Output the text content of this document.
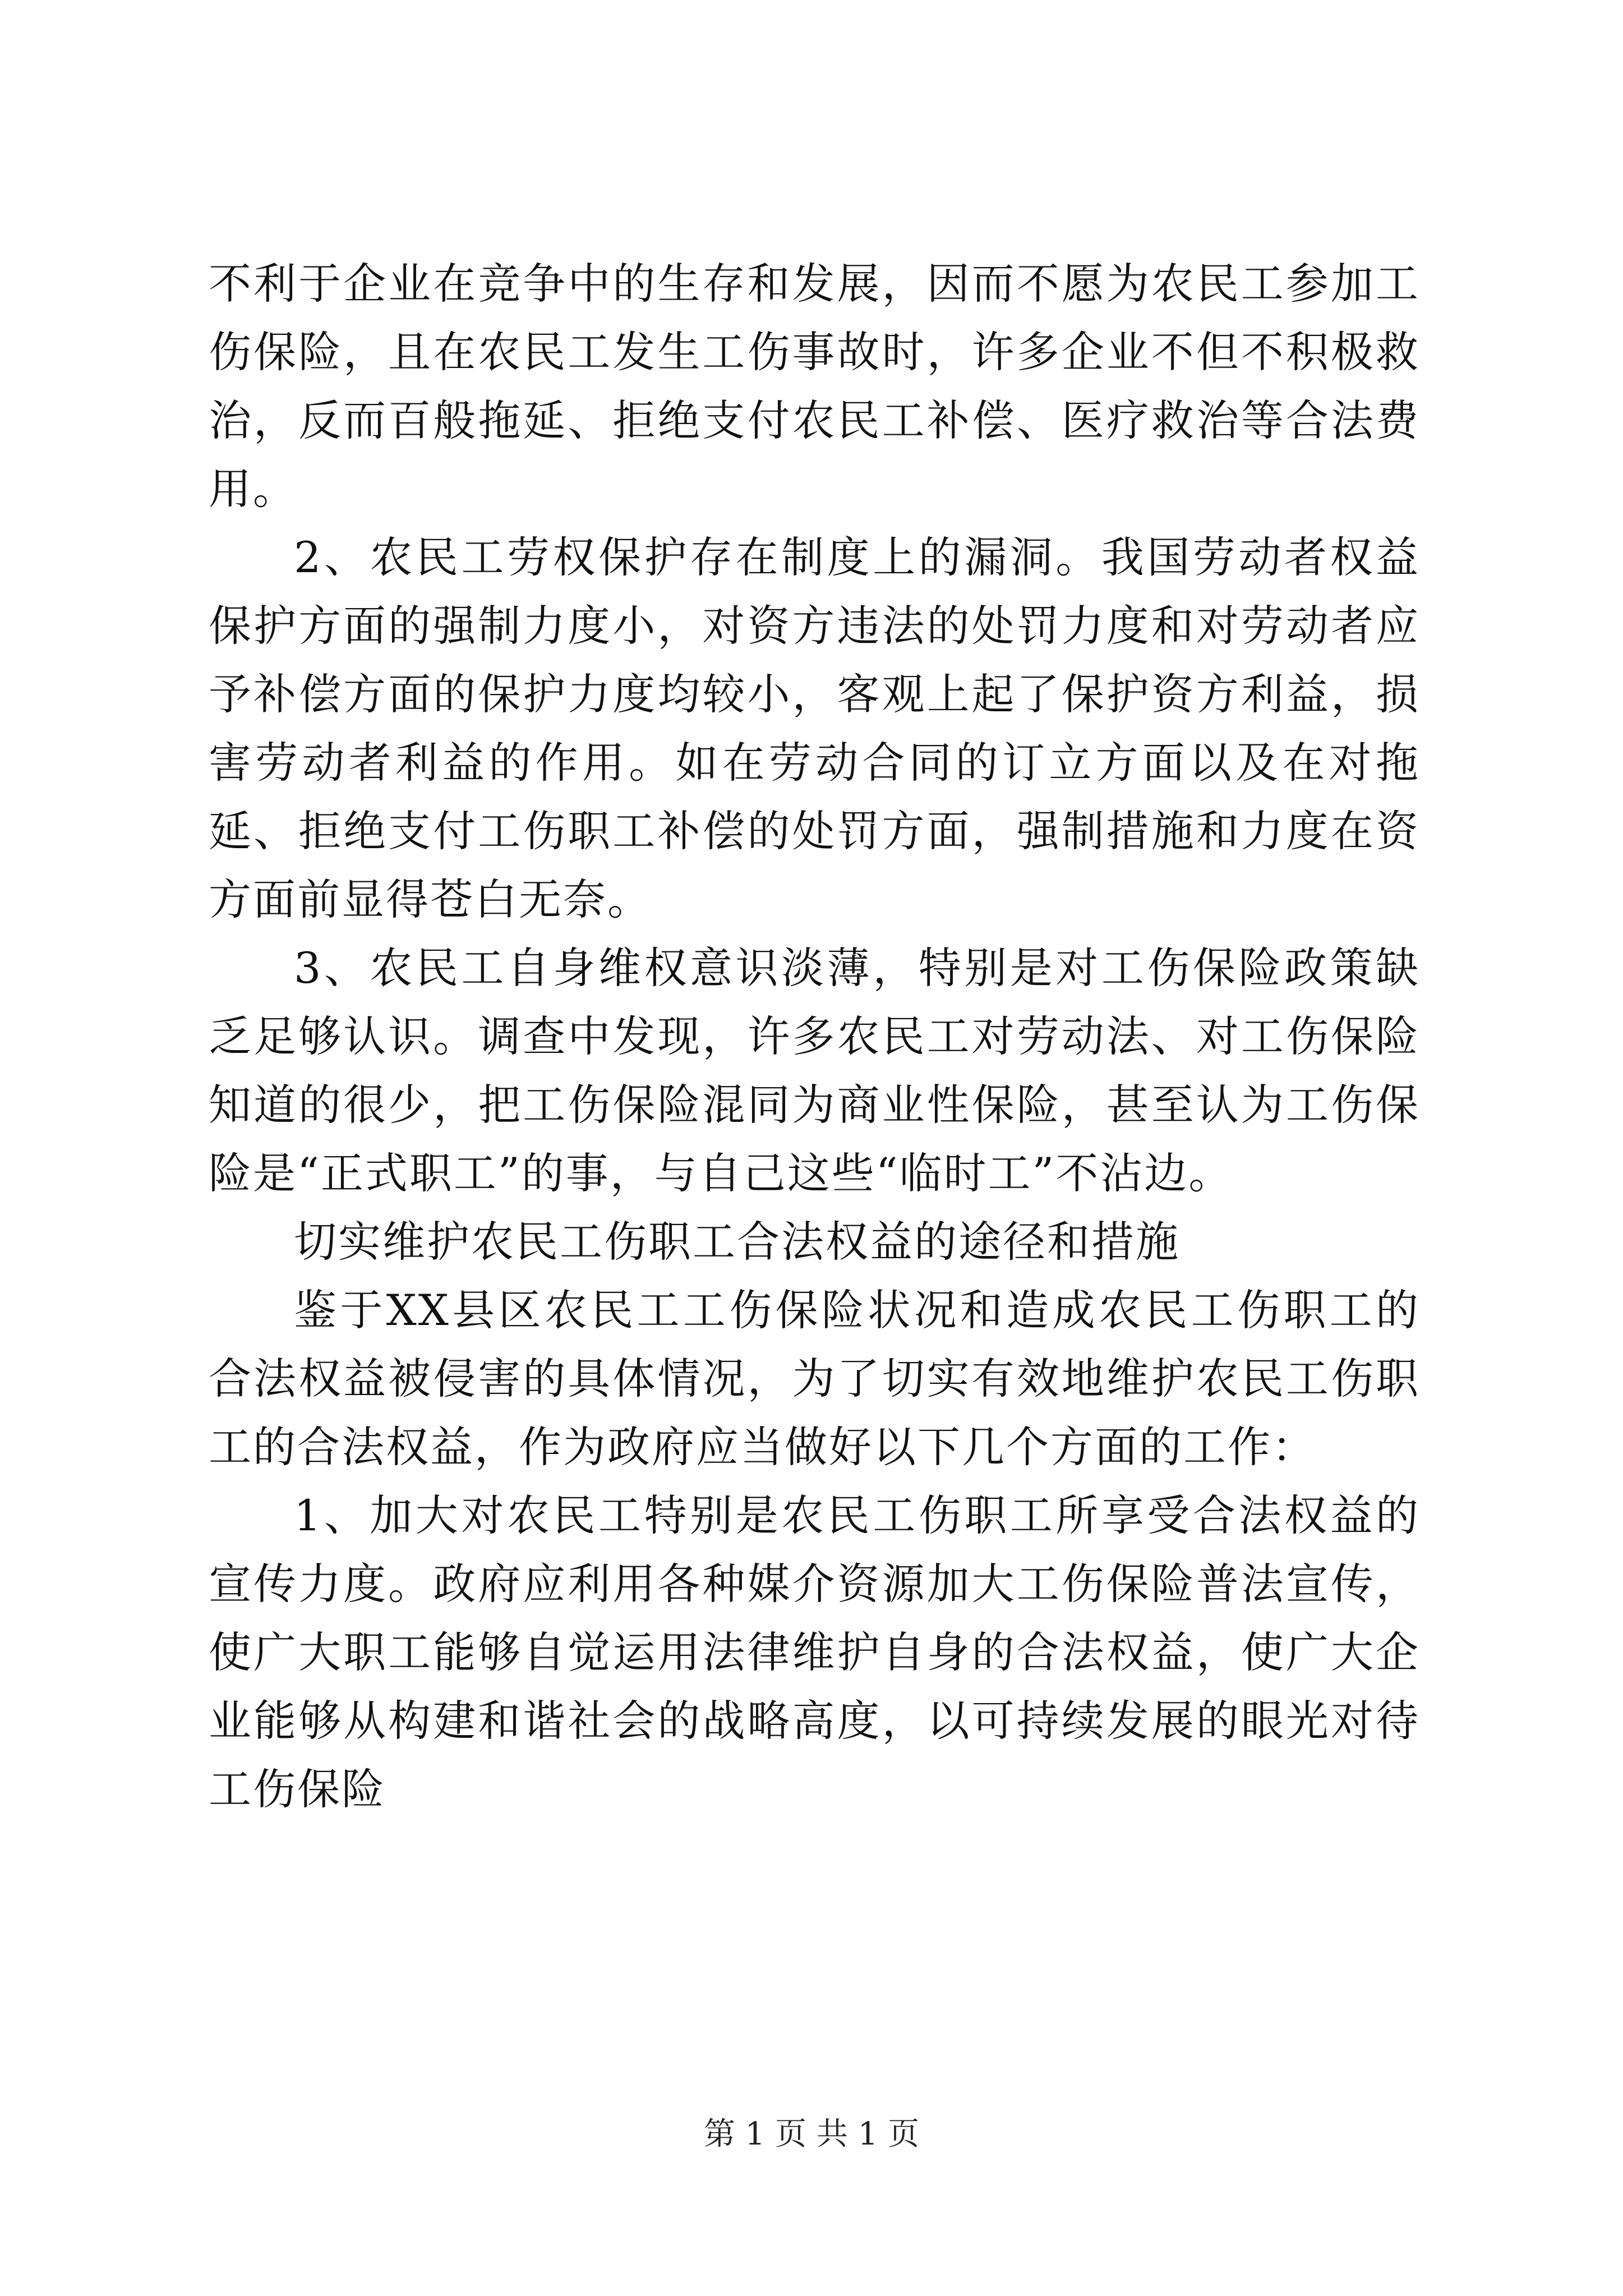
不利于企业在竞争中的生存和发展，因而不愿为农民工参加工伤保险，且在农民工发生工伤事故时，许多企业不但不积极救治，反而百般拖延、拒绝支付农民工补偿、医疗救治等合法费用。

2、农民工劳权保护存在制度上的漏洞。我国劳动者权益保护方面的强制力度小，对资方违法的处罚力度和对劳动者应予补偿方面的保护力度均较小，客观上起了保护资方利益，损害劳动者利益的作用。如在劳动合同的订立方面以及在对拖延、拒绝支付工伤职工补偿的处罚方面，强制措施和力度在资方面前显得苍白无奈。

3、农民工自身维权意识淡薄，特别是对工伤保险政策缺乏足够认识。调查中发现，许多农民工对劳动法、对工伤保险知道的很少，把工伤保险混同为商业性保险，甚至认为工伤保险是“正式职工”的事，与自己这些“临时工”不沾边。

切实维护农民工伤职工合法权益的途径和措施

鉴于XX县区农民工工伤保险状况和造成农民工伤职工的合法权益被侵害的具体情况，为了切实有效地维护农民工伤职工的合法权益，作为政府应当做好以下几个方面的工作：

1、加大对农民工特别是农民工伤职工所享受合法权益的宣传力度。政府应利用各种媒介资源加大工伤保险普法宣传，使广大职工能够自觉运用法律维护自身的合法权益，使广大企业能够从构建和谐社会的战略高度，以可持续发展的眼光对待工伤保险

第 1 页 共 1 页
